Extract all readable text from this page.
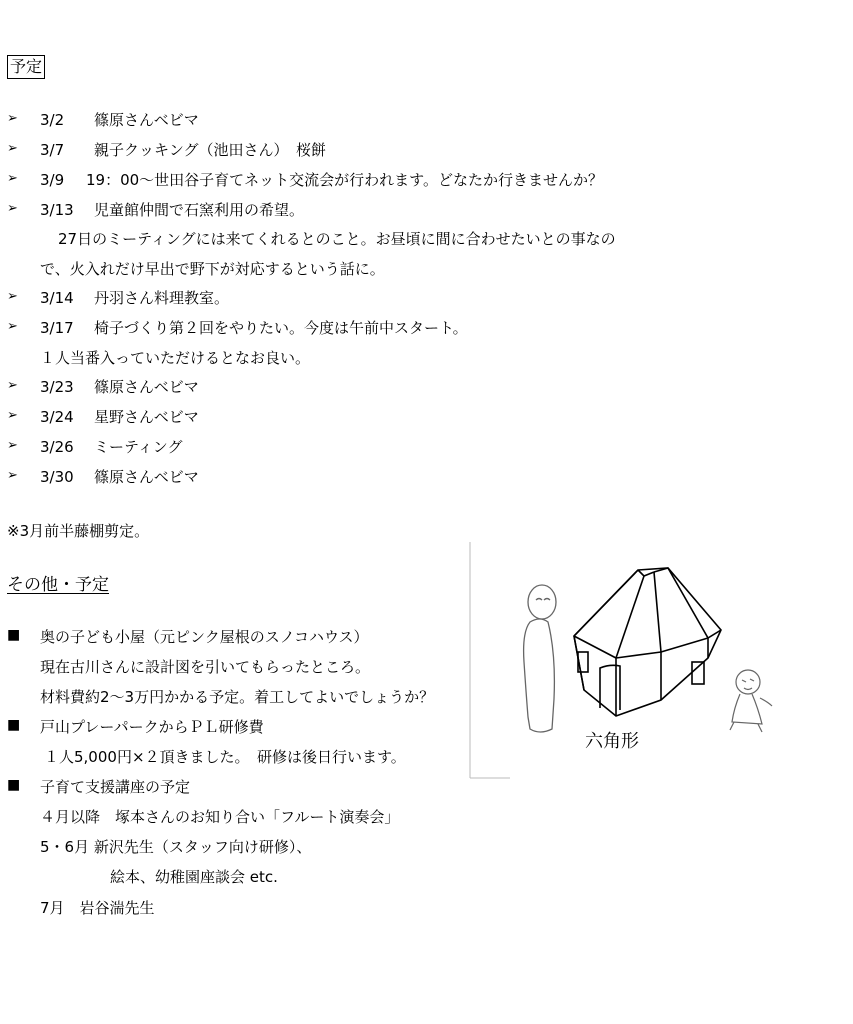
予定
➢	3/2 篠原さんベビマ
➢	3/7 親子クッキング（池田さん）　桜餅
➢	3/9 19：00〜世田谷子育てネット交流会が行われます。どなたか行きませんか？
➢	3/13 児童館仲間で石窯利用の希望。
27日のミーティングには来てくれるとのこと。お昼頃に間に合わせたいとの事なの
で、火入れだけ早出で野下が対応するという話に。
➢	3/14 丹羽さん料理教室。
➢	3/17 椅子づくり第２回をやりたい。今度は午前中スタート。
１人当番入っていただけるとなお良い。
➢	3/23 篠原さんベビマ
➢	3/24 星野さんベビマ
➢	3/26 ミーティング
➢	3/30 篠原さんベビマ
※3月前半藤棚剪定。
その他・予定
■	奥の子ども小屋（元ピンク屋根のスノコハウス）
現在古川さんに設計図を引いてもらったところ。
材料費約2〜3万円かかる予定。着工してよいでしょうか？
■	戸山プレーパークからＰＬ研修費
１人5,000円×２頂きました。　研修は後日行います。
■	子育て支援講座の予定
４月以降　塚本さんのお知り合い「フルート演奏会」
5・6月 新沢先生（スタッフ向け研修）、
絵本、幼稚園座談会 etc.
7月　岩谷湍先生
六角形
